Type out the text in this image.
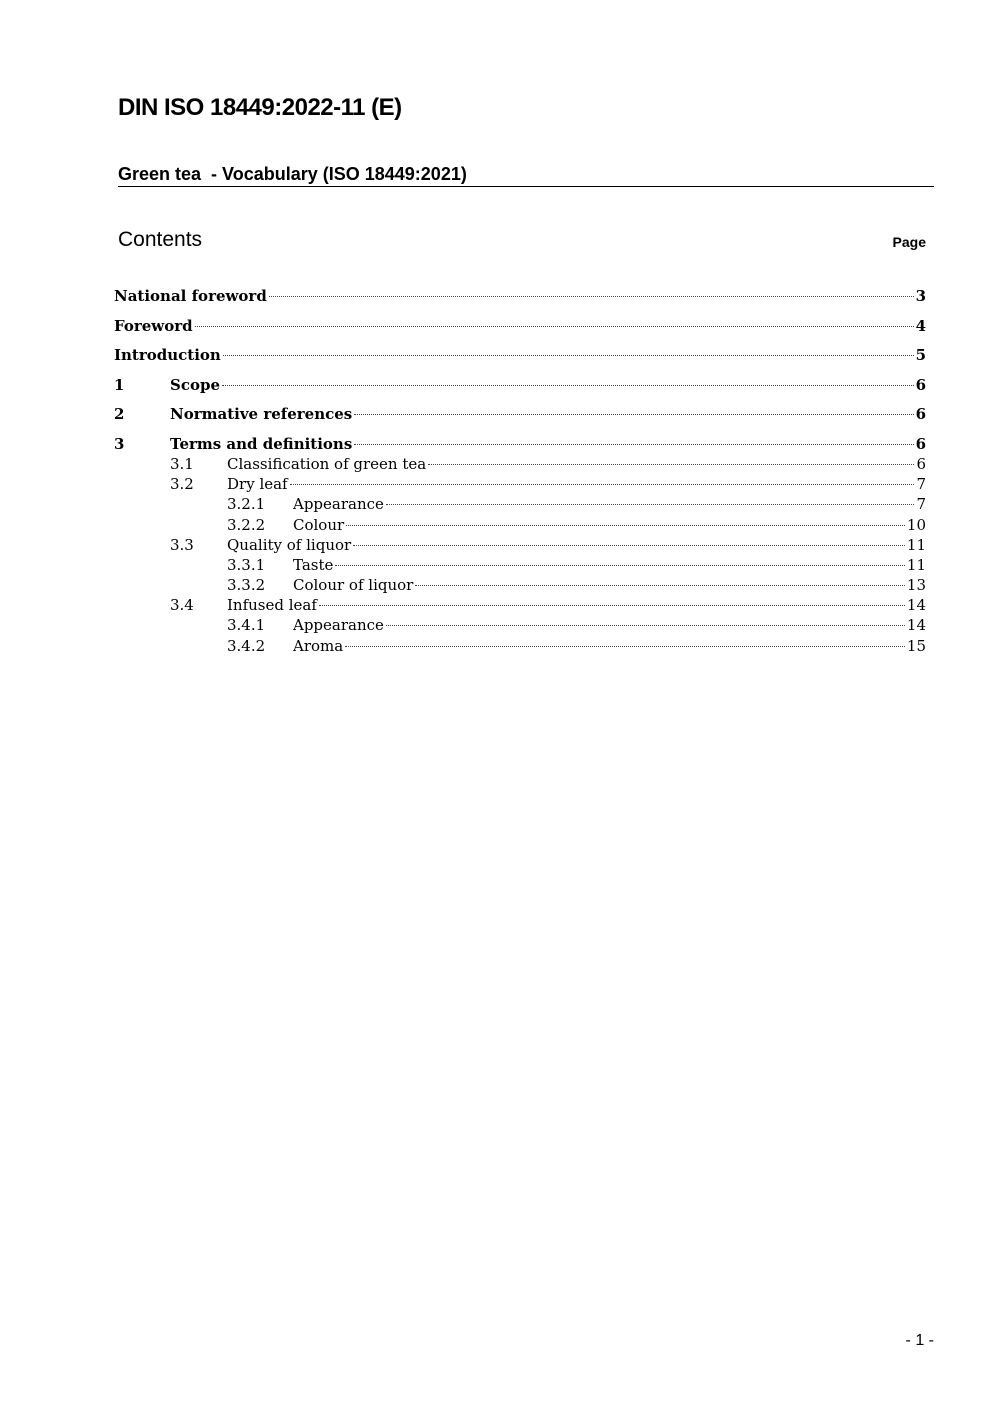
DIN ISO 18449:2022-11 (E)
Green tea  - Vocabulary (ISO 18449:2021)
Contents	Page
National foreword	3
Foreword	4
Introduction	5
1	Scope	6
2	Normative references	6
3	Terms and definitions	6
3.1	Classification of green tea	6
3.2	Dry leaf	7
3.2.1	Appearance	7
3.2.2	Colour	10
3.3	Quality of liquor	11
3.3.1	Taste	11
3.3.2	Colour of liquor	13
3.4	Infused leaf	14
3.4.1	Appearance	14
3.4.2	Aroma	15
- 1 -
